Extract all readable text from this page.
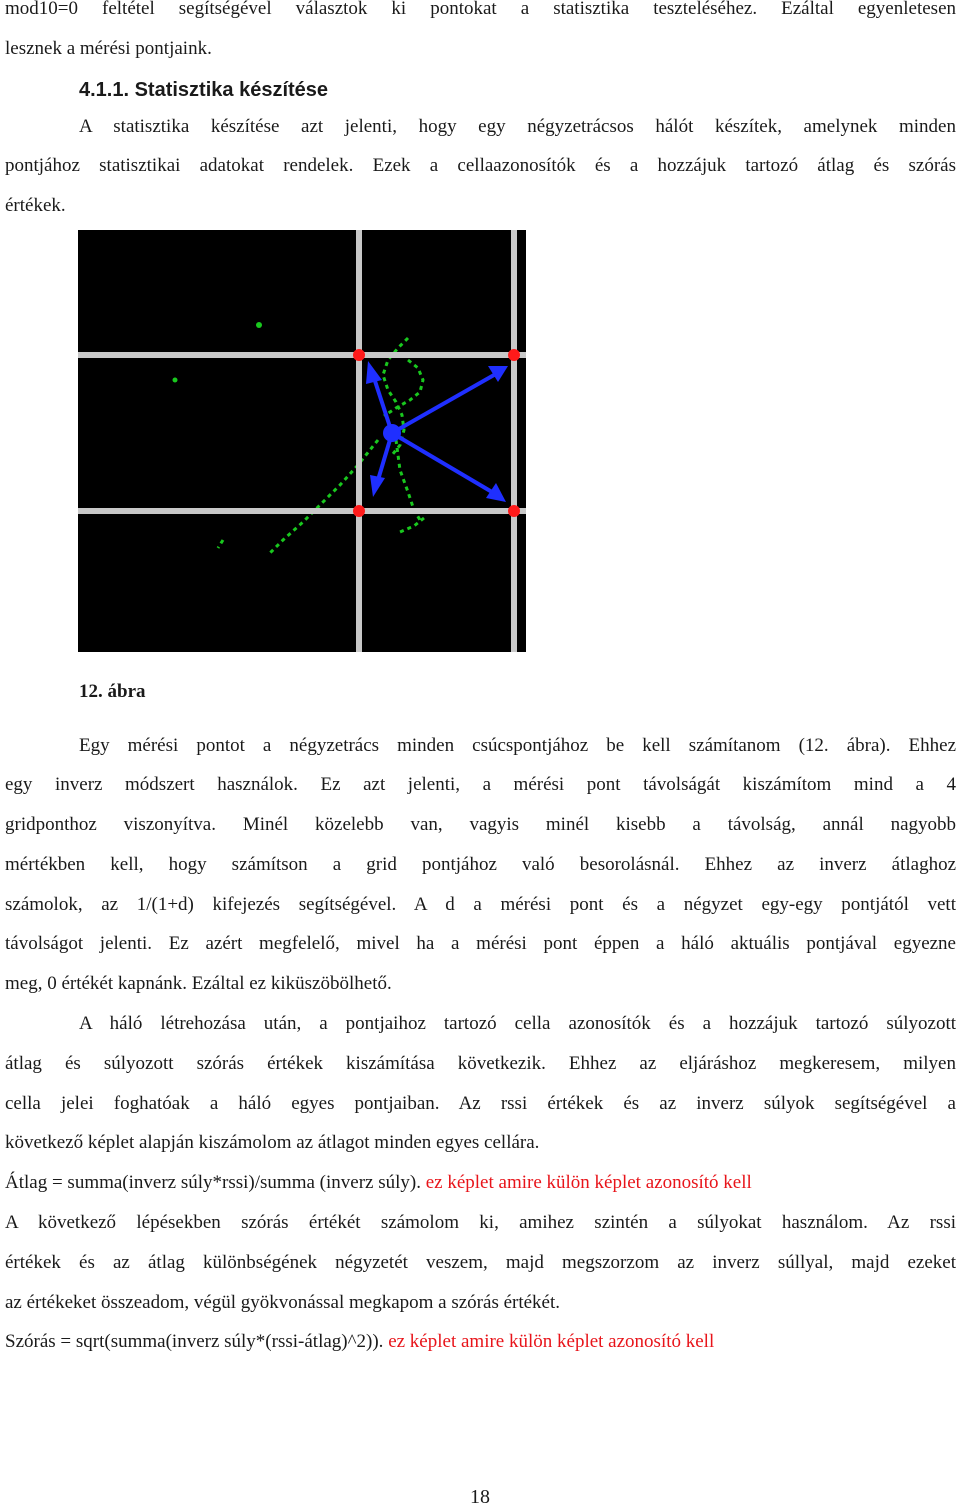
mod10=0 feltétel segítségével választok ki pontokat a statisztika teszteléséhez. Ezáltal egyenletesen
lesznek a mérési pontjaink.
4.1.1. Statisztika készítése
A statisztika készítése azt jelenti, hogy egy négyzetrácsos hálót készítek, amelynek minden
pontjához statisztikai adatokat rendelek. Ezek a cellaazonosítók és a hozzájuk tartozó átlag és szórás
értékek.
12. ábra
Egy mérési pontot a négyzetrács minden csúcspontjához be kell számítanom (12. ábra). Ehhez
egy inverz módszert használok. Ez azt jelenti, a mérési pont távolságát kiszámítom mind a 4
gridponthoz viszonyítva. Minél közelebb van, vagyis minél kisebb a távolság, annál nagyobb
mértékben kell, hogy számítson a grid pontjához való besorolásnál. Ehhez az inverz átlaghoz
számolok, az 1/(1+d) kifejezés segítségével. A d a mérési pont és a négyzet egy-egy pontjától vett
távolságot jelenti. Ez azért megfelelő, mivel ha a mérési pont éppen a háló aktuális pontjával egyezne
meg, 0 értékét kapnánk. Ezáltal ez kiküszöbölhető.
A háló létrehozása után, a pontjaihoz tartozó cella azonosítók és a hozzájuk tartozó súlyozott
átlag és súlyozott szórás értékek kiszámítása következik. Ehhez az eljáráshoz megkeresem, milyen
cella jelei foghatóak a háló egyes pontjaiban. Az rssi értékek és az inverz súlyok segítségével a
következő képlet alapján kiszámolom az átlagot minden egyes cellára.
Átlag = summa(inverz súly*rssi)/summa (inverz súly). ez képlet amire külön képlet azonosító kell
A következő lépésekben szórás értékét számolom ki, amihez szintén a súlyokat használom. Az rssi
értékek és az átlag különbségének négyzetét veszem, majd megszorzom az inverz súllyal, majd ezeket
az értékeket összeadom, végül gyökvonással megkapom a szórás értékét.
Szórás = sqrt(summa(inverz súly*(rssi-átlag)^2)). ez képlet amire külön képlet azonosító kell
18
